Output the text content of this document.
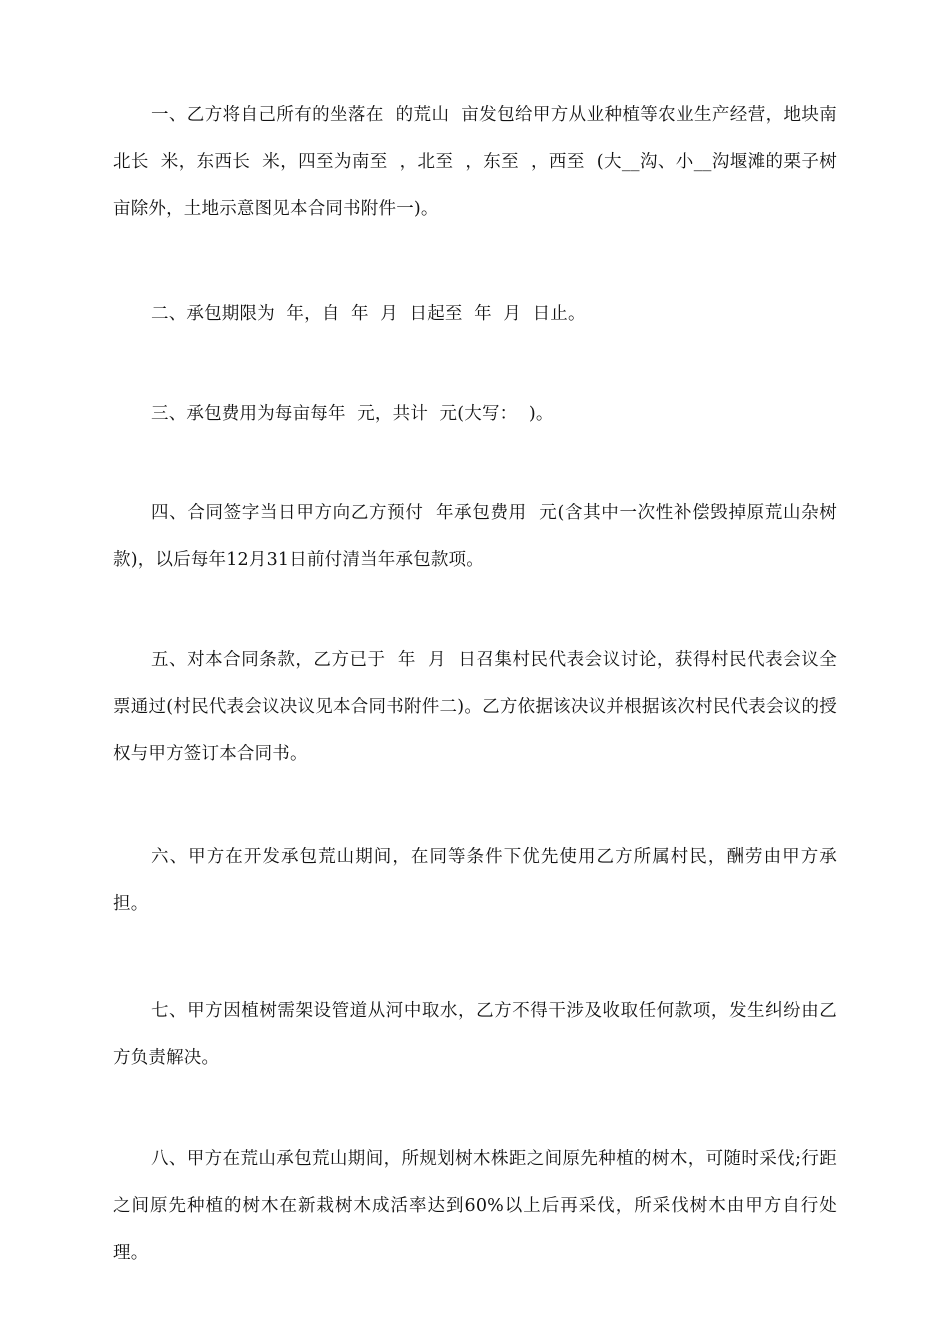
一、乙方将自己所有的坐落在  的荒山  亩发包给甲方从业种植等农业生产经营，地块南北长  米，东西长  米，四至为南至  ，北至  ，东至  ，西至  (大__沟、小__沟堰滩的栗子树  亩除外，土地示意图见本合同书附件一)。

二、承包期限为  年，自  年  月  日起至  年  月  日止。

三、承包费用为每亩每年  元，共计  元(大写：  )。

四、合同签字当日甲方向乙方预付  年承包费用  元(含其中一次性补偿毁掉原荒山杂树款)，以后每年12月31日前付清当年承包款项。

五、对本合同条款，乙方已于  年  月  日召集村民代表会议讨论，获得村民代表会议全票通过(村民代表会议决议见本合同书附件二)。乙方依据该决议并根据该次村民代表会议的授权与甲方签订本合同书。

六、甲方在开发承包荒山期间，在同等条件下优先使用乙方所属村民，酬劳由甲方承担。

七、甲方因植树需架设管道从河中取水，乙方不得干涉及收取任何款项，发生纠纷由乙方负责解决。

八、甲方在荒山承包荒山期间，所规划树木株距之间原先种植的树木，可随时采伐;行距之间原先种植的树木在新栽树木成活率达到60%以上后再采伐，所采伐树木由甲方自行处理。
